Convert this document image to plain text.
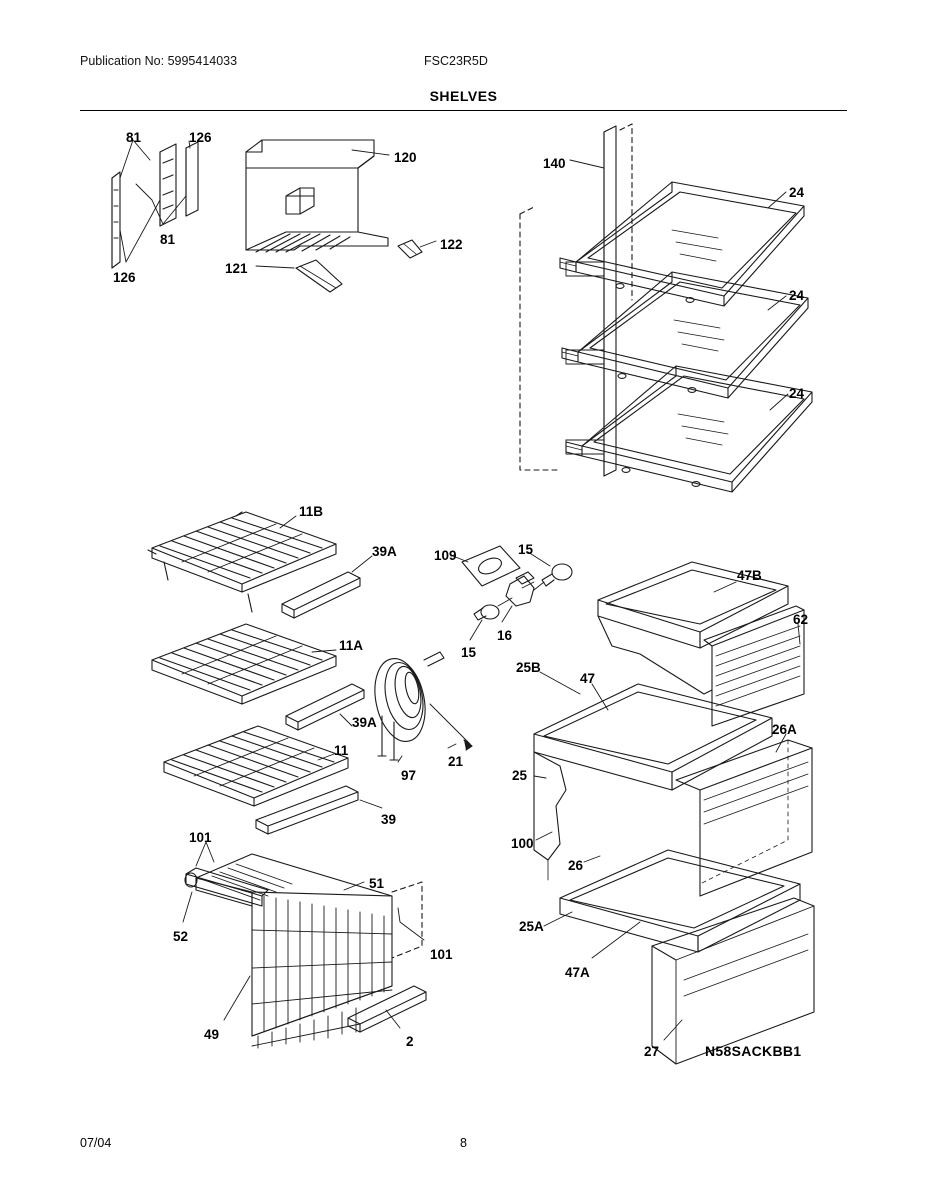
Publication No: 5995414033	FSC23R5D
SHELVES
81	126
81
126
120
122
121
140
24
24
24
11B
39A	109	15
15
16
11A
39A
11
97
21
39
101
51
52
101
49	2
47B
62
25B
47
26A
25
100
26
25A
47A
27	N58SACKBB1
07/04	8
